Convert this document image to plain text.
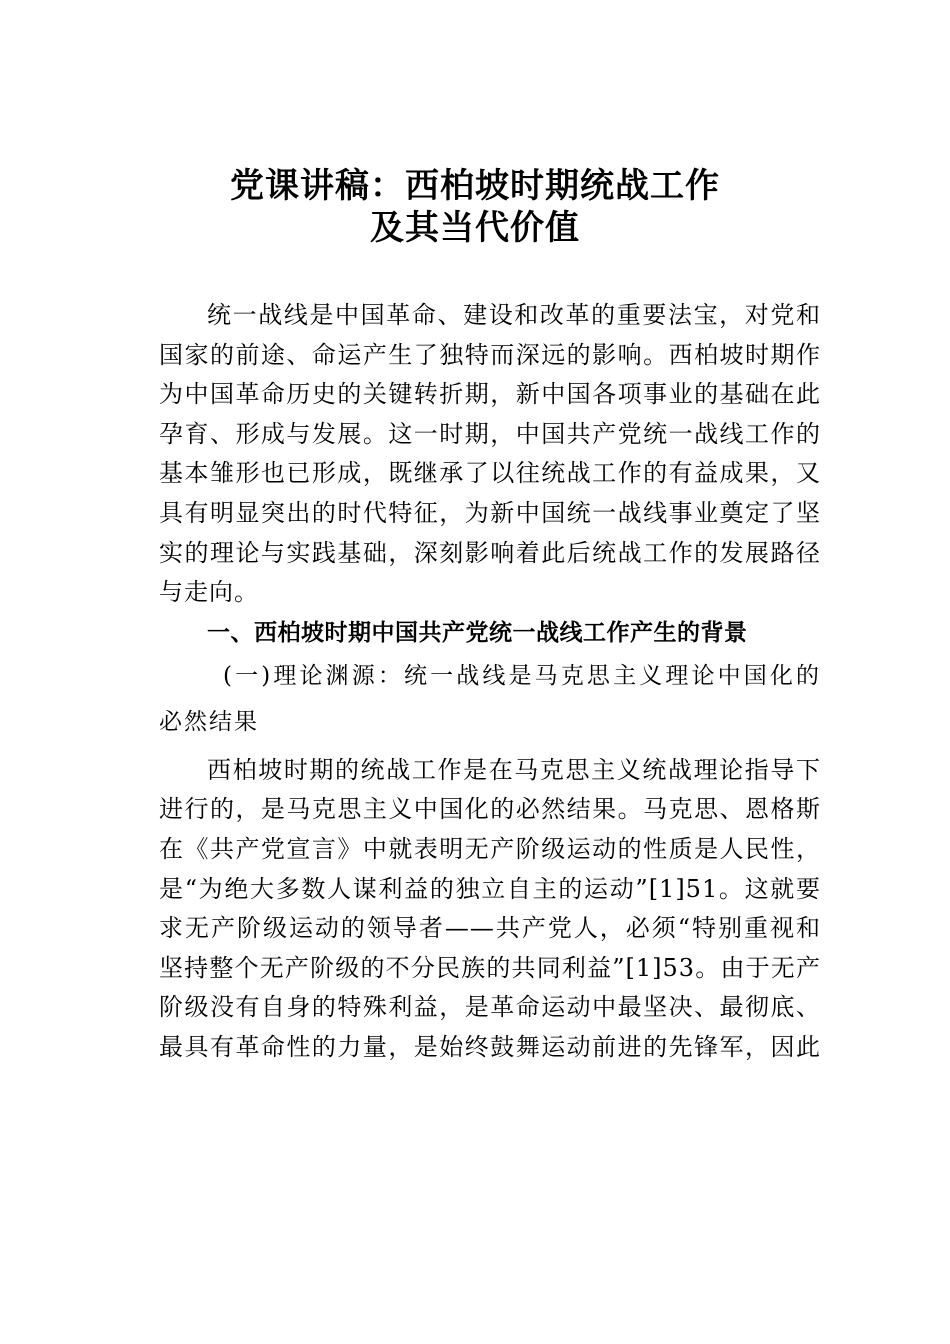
党课讲稿：西柏坡时期统战工作
及其当代价值
统一战线是中国革命、建设和改革的重要法宝，对党和
国家的前途、命运产生了独特而深远的影响。西柏坡时期作
为中国革命历史的关键转折期，新中国各项事业的基础在此
孕育、形成与发展。这一时期，中国共产党统一战线工作的
基本雏形也已形成，既继承了以往统战工作的有益成果，又
具有明显突出的时代特征，为新中国统一战线事业奠定了坚
实的理论与实践基础，深刻影响着此后统战工作的发展路径
与走向。
一、西柏坡时期中国共产党统一战线工作产生的背景
(一)理论渊源：统一战线是马克思主义理论中国化的
必然结果
西柏坡时期的统战工作是在马克思主义统战理论指导下
进行的，是马克思主义中国化的必然结果。马克思、恩格斯
在《共产党宣言》中就表明无产阶级运动的性质是人民性，
是“为绝大多数人谋利益的独立自主的运动”[1]51。这就要
求无产阶级运动的领导者——共产党人，必须“特别重视和
坚持整个无产阶级的不分民族的共同利益”[1]53。由于无产
阶级没有自身的特殊利益，是革命运动中最坚决、最彻底、
最具有革命性的力量，是始终鼓舞运动前进的先锋军，因此
